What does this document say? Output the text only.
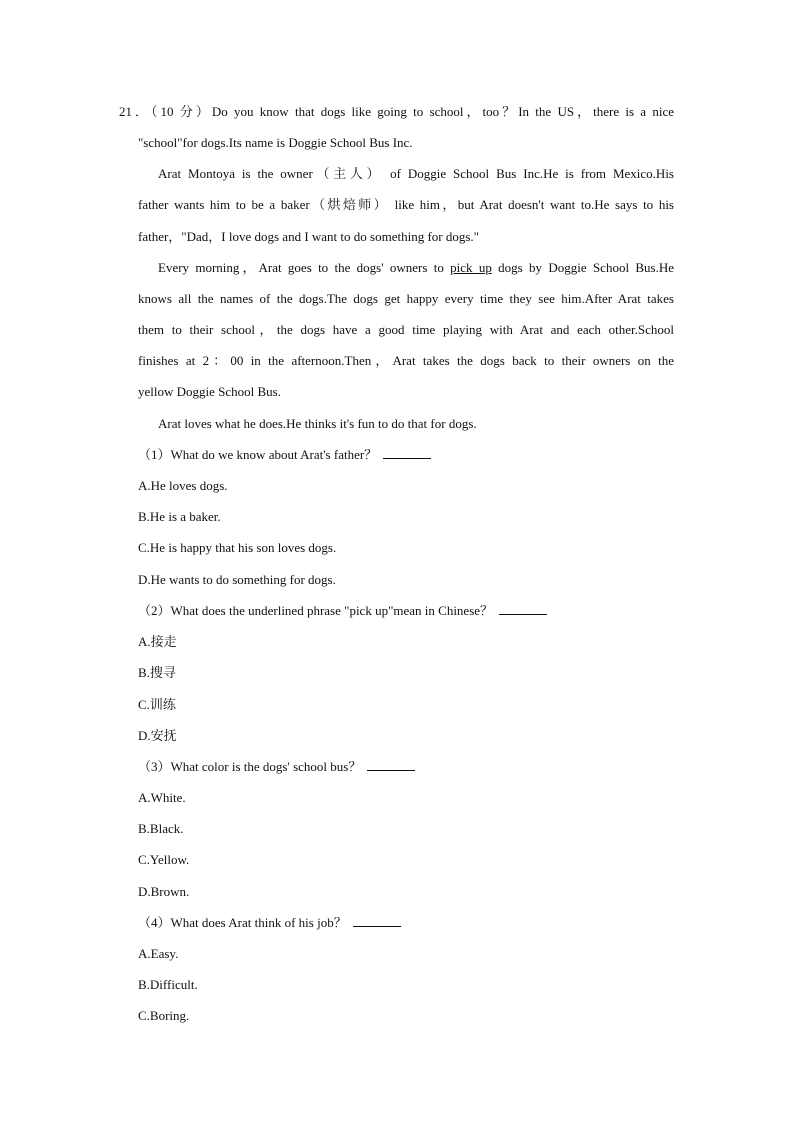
21．（10 分）Do you know that dogs like going to school，too？In the US，there is a nice
"school"for dogs.Its name is Doggie School Bus Inc.
Arat Montoya is the owner（主人） of Doggie School Bus Inc.He is from Mexico.His
father wants him to be a baker（烘焙师） like him，but Arat doesn't want to.He says to his
father，"Dad，I love dogs and I want to do something for dogs."
Every morning，Arat goes to the dogs' owners to pick up dogs by Doggie School Bus.He
knows all the names of the dogs.The dogs get happy every time they see him.After Arat takes
them to their school，the dogs have a good time playing with Arat and each other.School
finishes at 2：00 in the afternoon.Then，Arat takes the dogs back to their owners on the
yellow Doggie School Bus.
Arat loves what he does.He thinks it's fun to do that for dogs.
（1）What do we know about Arat's father？
A.He loves dogs.
B.He is a baker.
C.He is happy that his son loves dogs.
D.He wants to do something for dogs.
（2）What does the underlined phrase "pick up"mean in Chinese？
A.接走
B.搜寻
C.训练
D.安抚
（3）What color is the dogs' school bus？
A.White.
B.Black.
C.Yellow.
D.Brown.
（4）What does Arat think of his job？
A.Easy.
B.Difficult.
C.Boring.
